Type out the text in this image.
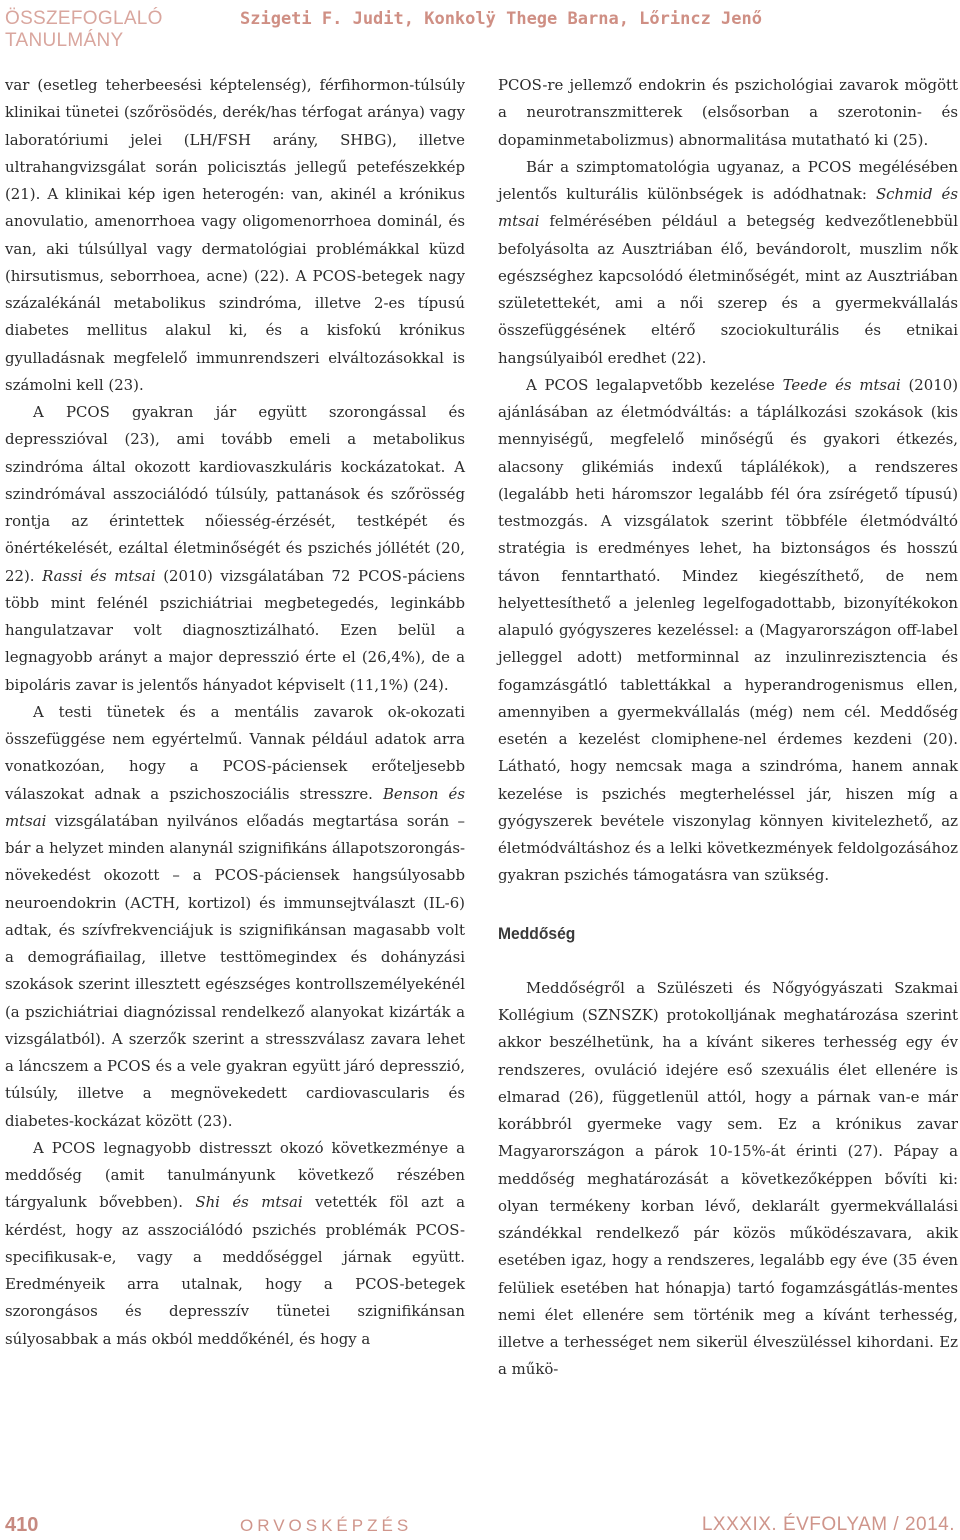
ÖSSZEFOGLALÓ TANULMÁNY
Szigeti F. Judit, Konkolÿ Thege Barna, Lőrincz Jenő

var (esetleg teherbeesési képtelenség), férfihormon-túlsúly klinikai tünetei (szőrösödés, derék/has térfogat aránya) vagy laboratóriumi jelei (LH/FSH arány, SHBG), illetve ultrahangvizsgálat során policisztás jellegű petefészekkép (21). A klinikai kép igen heterogén: van, akinél a krónikus anovulatio, amenorrhoea vagy oligomenorrhoea dominál, és van, aki túlsúllyal vagy dermatológiai problémákkal küzd (hirsutismus, seborrhoea, acne) (22). A PCOS-betegek nagy százalékánál metabolikus szindróma, illetve 2-es típusú diabetes mellitus alakul ki, és a kisfokú krónikus gyulladásnak megfelelő immunrendszeri elváltozásokkal is számolni kell (23).

A PCOS gyakran jár együtt szorongással és depresszióval (23), ami tovább emeli a metabolikus szindróma által okozott kardiovaszkuláris kockázatokat. A szindrómával asszociálódó túlsúly, pattanások és szőrösség rontja az érintettek nőiesség-érzését, testképét és önértékelését, ezáltal életminőségét és pszichés jóllétét (20, 22). Rassi és mtsai (2010) vizsgálatában 72 PCOS-páciens több mint felénél pszichiátriai megbetegedés, leginkább hangulatzavar volt diagnosztizálható. Ezen belül a legnagyobb arányt a major depresszió érte el (26,4%), de a bipoláris zavar is jelentős hányadot képviselt (11,1%) (24).

A testi tünetek és a mentális zavarok ok-okozati összefüggése nem egyértelmű. Vannak például adatok arra vonatkozóan, hogy a PCOS-páciensek erőteljesebb válaszokat adnak a pszichoszociális stresszre. Benson és mtsai vizsgálatában nyilvános előadás megtartása során – bár a helyzet minden alanynál szignifikáns állapotszorongás-növekedést okozott – a PCOS-páciensek hangsúlyosabb neuroendokrin (ACTH, kortizol) és immunsejtválaszt (IL-6) adtak, és szívfrekvenciájuk is szignifikánsan magasabb volt a demográfiailag, illetve testtömegindex és dohányzási szokások szerint illesztett egészséges kontrollszemélyekénél (a pszichiátriai diagnózissal rendelkező alanyokat kizárták a vizsgálatból). A szerzők szerint a stresszválasz zavara lehet a láncszem a PCOS és a vele gyakran együtt járó depresszió, túlsúly, illetve a megnövekedett cardiovascularis és diabetes-kockázat között (23).

A PCOS legnagyobb distresszt okozó következménye a meddőség (amit tanulmányunk következő részében tárgyalunk bővebben). Shi és mtsai vetették föl azt a kérdést, hogy az asszociálódó pszichés problémák PCOS-specifikusak-e, vagy a meddőséggel járnak együtt. Eredményeik arra utalnak, hogy a PCOS-betegek szorongásos és depresszív tünetei szignifikánsan súlyosabbak a más okból meddőkénél, és hogy a

PCOS-re jellemző endokrin és pszichológiai zavarok mögött a neurotranszmitterek (elsősorban a szerotonin- és dopaminmetabolizmus) abnormalitása mutatható ki (25).

Bár a szimptomatológia ugyanaz, a PCOS megélésében jelentős kulturális különbségek is adódhatnak: Schmid és mtsai felmérésében például a betegség kedvezőtlenebbül befolyásolta az Ausztriában élő, bevándorolt, muszlim nők egészséghez kapcsolódó életminőségét, mint az Ausztriában születettekét, ami a női szerep és a gyermekvállalás összefüggésének eltérő szociokulturális és etnikai hangsúlyaiból eredhet (22).

A PCOS legalapvetőbb kezelése Teede és mtsai (2010) ajánlásában az életmódváltás: a táplálkozási szokások (kis mennyiségű, megfelelő minőségű és gyakori étkezés, alacsony glikémiás indexű táplálékok), a rendszeres (legalább heti háromszor legalább fél óra zsírégető típusú) testmozgás. A vizsgálatok szerint többféle életmódváltó stratégia is eredményes lehet, ha biztonságos és hosszú távon fenntartható. Mindez kiegészíthető, de nem helyettesíthető a jelenleg legelfogadottabb, bizonyítékokon alapuló gyógyszeres kezeléssel: a (Magyarországon off-label jelleggel adott) metforminnal az inzulinrezisztencia és fogamzásgátló tablettákkal a hyperandrogenismus ellen, amennyiben a gyermekvállalás (még) nem cél. Meddőség esetén a kezelést clomiphene-nel érdemes kezdeni (20). Látható, hogy nemcsak maga a szindróma, hanem annak kezelése is pszichés megterheléssel jár, hiszen míg a gyógyszerek bevétele viszonylag könnyen kivitelezhető, az életmódváltáshoz és a lelki következmények feldolgozásához gyakran pszichés támogatásra van szükség.

Meddőség

Meddőségről a Szülészeti és Nőgyógyászati Szakmai Kollégium (SZNSZK) protokolljának meghatározása szerint akkor beszélhetünk, ha a kívánt sikeres terhesség egy év rendszeres, ovuláció idejére eső szexuális élet ellenére is elmarad (26), függetlenül attól, hogy a párnak van-e már korábbról gyermeke vagy sem. Ez a krónikus zavar Magyarországon a párok 10-15%-át érinti (27). Pápay a meddőség meghatározását a következőképpen bővíti ki: olyan termékeny korban lévő, deklarált gyermekvállalási szándékkal rendelkező pár közös működészavara, akik esetében igaz, hogy a rendszeres, legalább egy éve (35 éven felüliek esetében hat hónapja) tartó fogamzásgátlás-mentes nemi élet ellenére sem történik meg a kívánt terhesség, illetve a terhességet nem sikerül élveszüléssel kihordani. Ez a műkö-

410	ORVOSKÉPZÉS	LXXXIX. ÉVFOLYAM / 2014.
